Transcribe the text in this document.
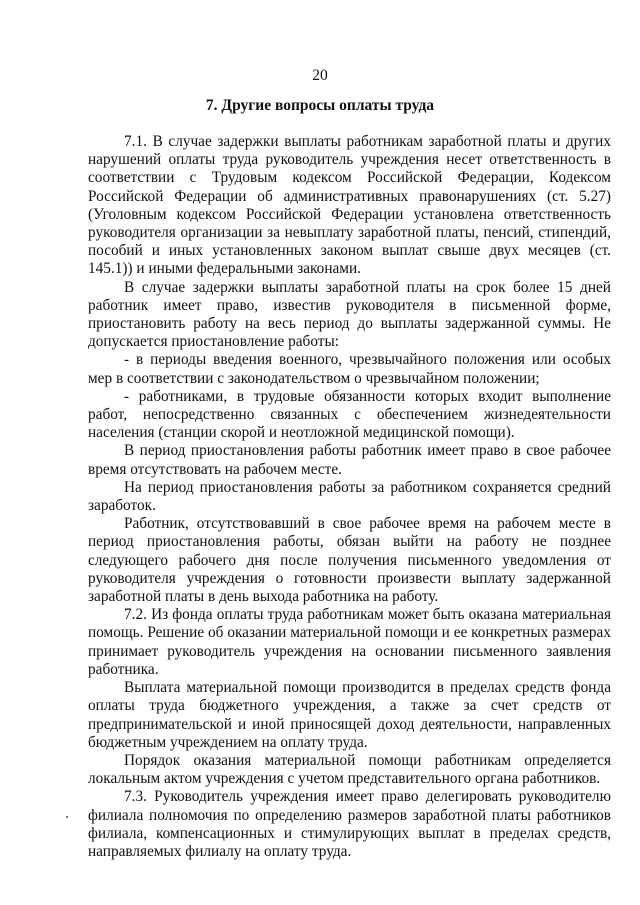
20
7. Другие вопросы оплаты труда

7.1. В случае задержки выплаты работникам заработной платы и других нарушений оплаты труда руководитель учреждения несет ответственность в соответствии с Трудовым кодексом Российской Федерации, Кодексом Российской Федерации об административных правонарушениях (ст. 5.27) (Уголовным кодексом Российской Федерации установлена ответственность руководителя организации за невыплату заработной платы, пенсий, стипендий, пособий и иных установленных законом выплат свыше двух месяцев (ст. 145.1)) и иными федеральными законами.

В случае задержки выплаты заработной платы на срок более 15 дней работник имеет право, известив руководителя в письменной форме, приостановить работу на весь период до выплаты задержанной суммы. Не допускается приостановление работы:

- в периоды введения военного, чрезвычайного положения или особых мер в соответствии с законодательством о чрезвычайном положении;

- работниками, в трудовые обязанности которых входит выполнение работ, непосредственно связанных с обеспечением жизнедеятельности населения (станции скорой и неотложной медицинской помощи).

В период приостановления работы работник имеет право в свое рабочее время отсутствовать на рабочем месте.

На период приостановления работы за работником сохраняется средний заработок.

Работник, отсутствовавший в свое рабочее время на рабочем месте в период приостановления работы, обязан выйти на работу не позднее следующего рабочего дня после получения письменного уведомления от руководителя учреждения о готовности произвести выплату задержанной заработной платы в день выхода работника на работу.

7.2. Из фонда оплаты труда работникам может быть оказана материальная помощь. Решение об оказании материальной помощи и ее конкретных размерах принимает руководитель учреждения на основании письменного заявления работника.

Выплата материальной помощи производится в пределах средств фонда оплаты труда бюджетного учреждения, а также за счет средств от предпринимательской и иной приносящей доход деятельности, направленных бюджетным учреждением на оплату труда.

Порядок оказания материальной помощи работникам определяется локальным актом учреждения с учетом представительного органа работников.

7.3. Руководитель учреждения имеет право делегировать руководителю филиала полномочия по определению размеров заработной платы работников филиала, компенсационных и стимулирующих выплат в пределах средств, направляемых филиалу на оплату труда.
